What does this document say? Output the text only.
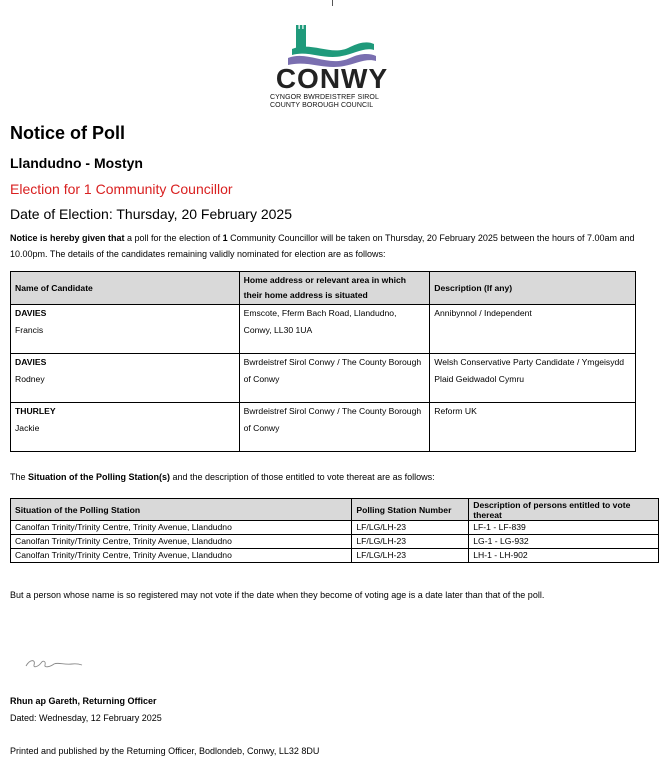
CONWY
CYNGOR BWRDEISTREF SIROL
COUNTY BOROUGH COUNCIL
Notice of Poll
Llandudno - Mostyn
Election for 1 Community Councillor
Date of Election: Thursday, 20 February 2025
Notice is hereby given that a poll for the election of 1 Community Councillor will be taken on Thursday, 20 February 2025 between the hours of 7.00am and 10.00pm. The details of the candidates remaining validly nominated for election are as follows:
Name of Candidate	Home address or relevant area in which their home address is situated	Description (If any)
DAVIES
Francis	Emscote, Fferm Bach Road, Llandudno, Conwy, LL30 1UA	Annibynnol / Independent
DAVIES
Rodney	Bwrdeistref Sirol Conwy / The County Borough of Conwy	Welsh Conservative Party Candidate / Ymgeisydd Plaid Geidwadol Cymru
THURLEY
Jackie	Bwrdeistref Sirol Conwy / The County Borough of Conwy	Reform UK
The Situation of the Polling Station(s) and the description of those entitled to vote thereat are as follows:
Situation of the Polling Station	Polling Station Number	Description of persons entitled to vote thereat
Canolfan Trinity/Trinity Centre, Trinity Avenue, Llandudno	LF/LG/LH-23	LF-1 - LF-839
Canolfan Trinity/Trinity Centre, Trinity Avenue, Llandudno	LF/LG/LH-23	LG-1 - LG-932
Canolfan Trinity/Trinity Centre, Trinity Avenue, Llandudno	LF/LG/LH-23	LH-1 - LH-902
But a person whose name is so registered may not vote if the date when they become of voting age is a date later than that of the poll.
Rhun ap Gareth, Returning Officer
Dated: Wednesday, 12 February 2025
Printed and published by the Returning Officer, Bodlondeb, Conwy, LL32 8DU
